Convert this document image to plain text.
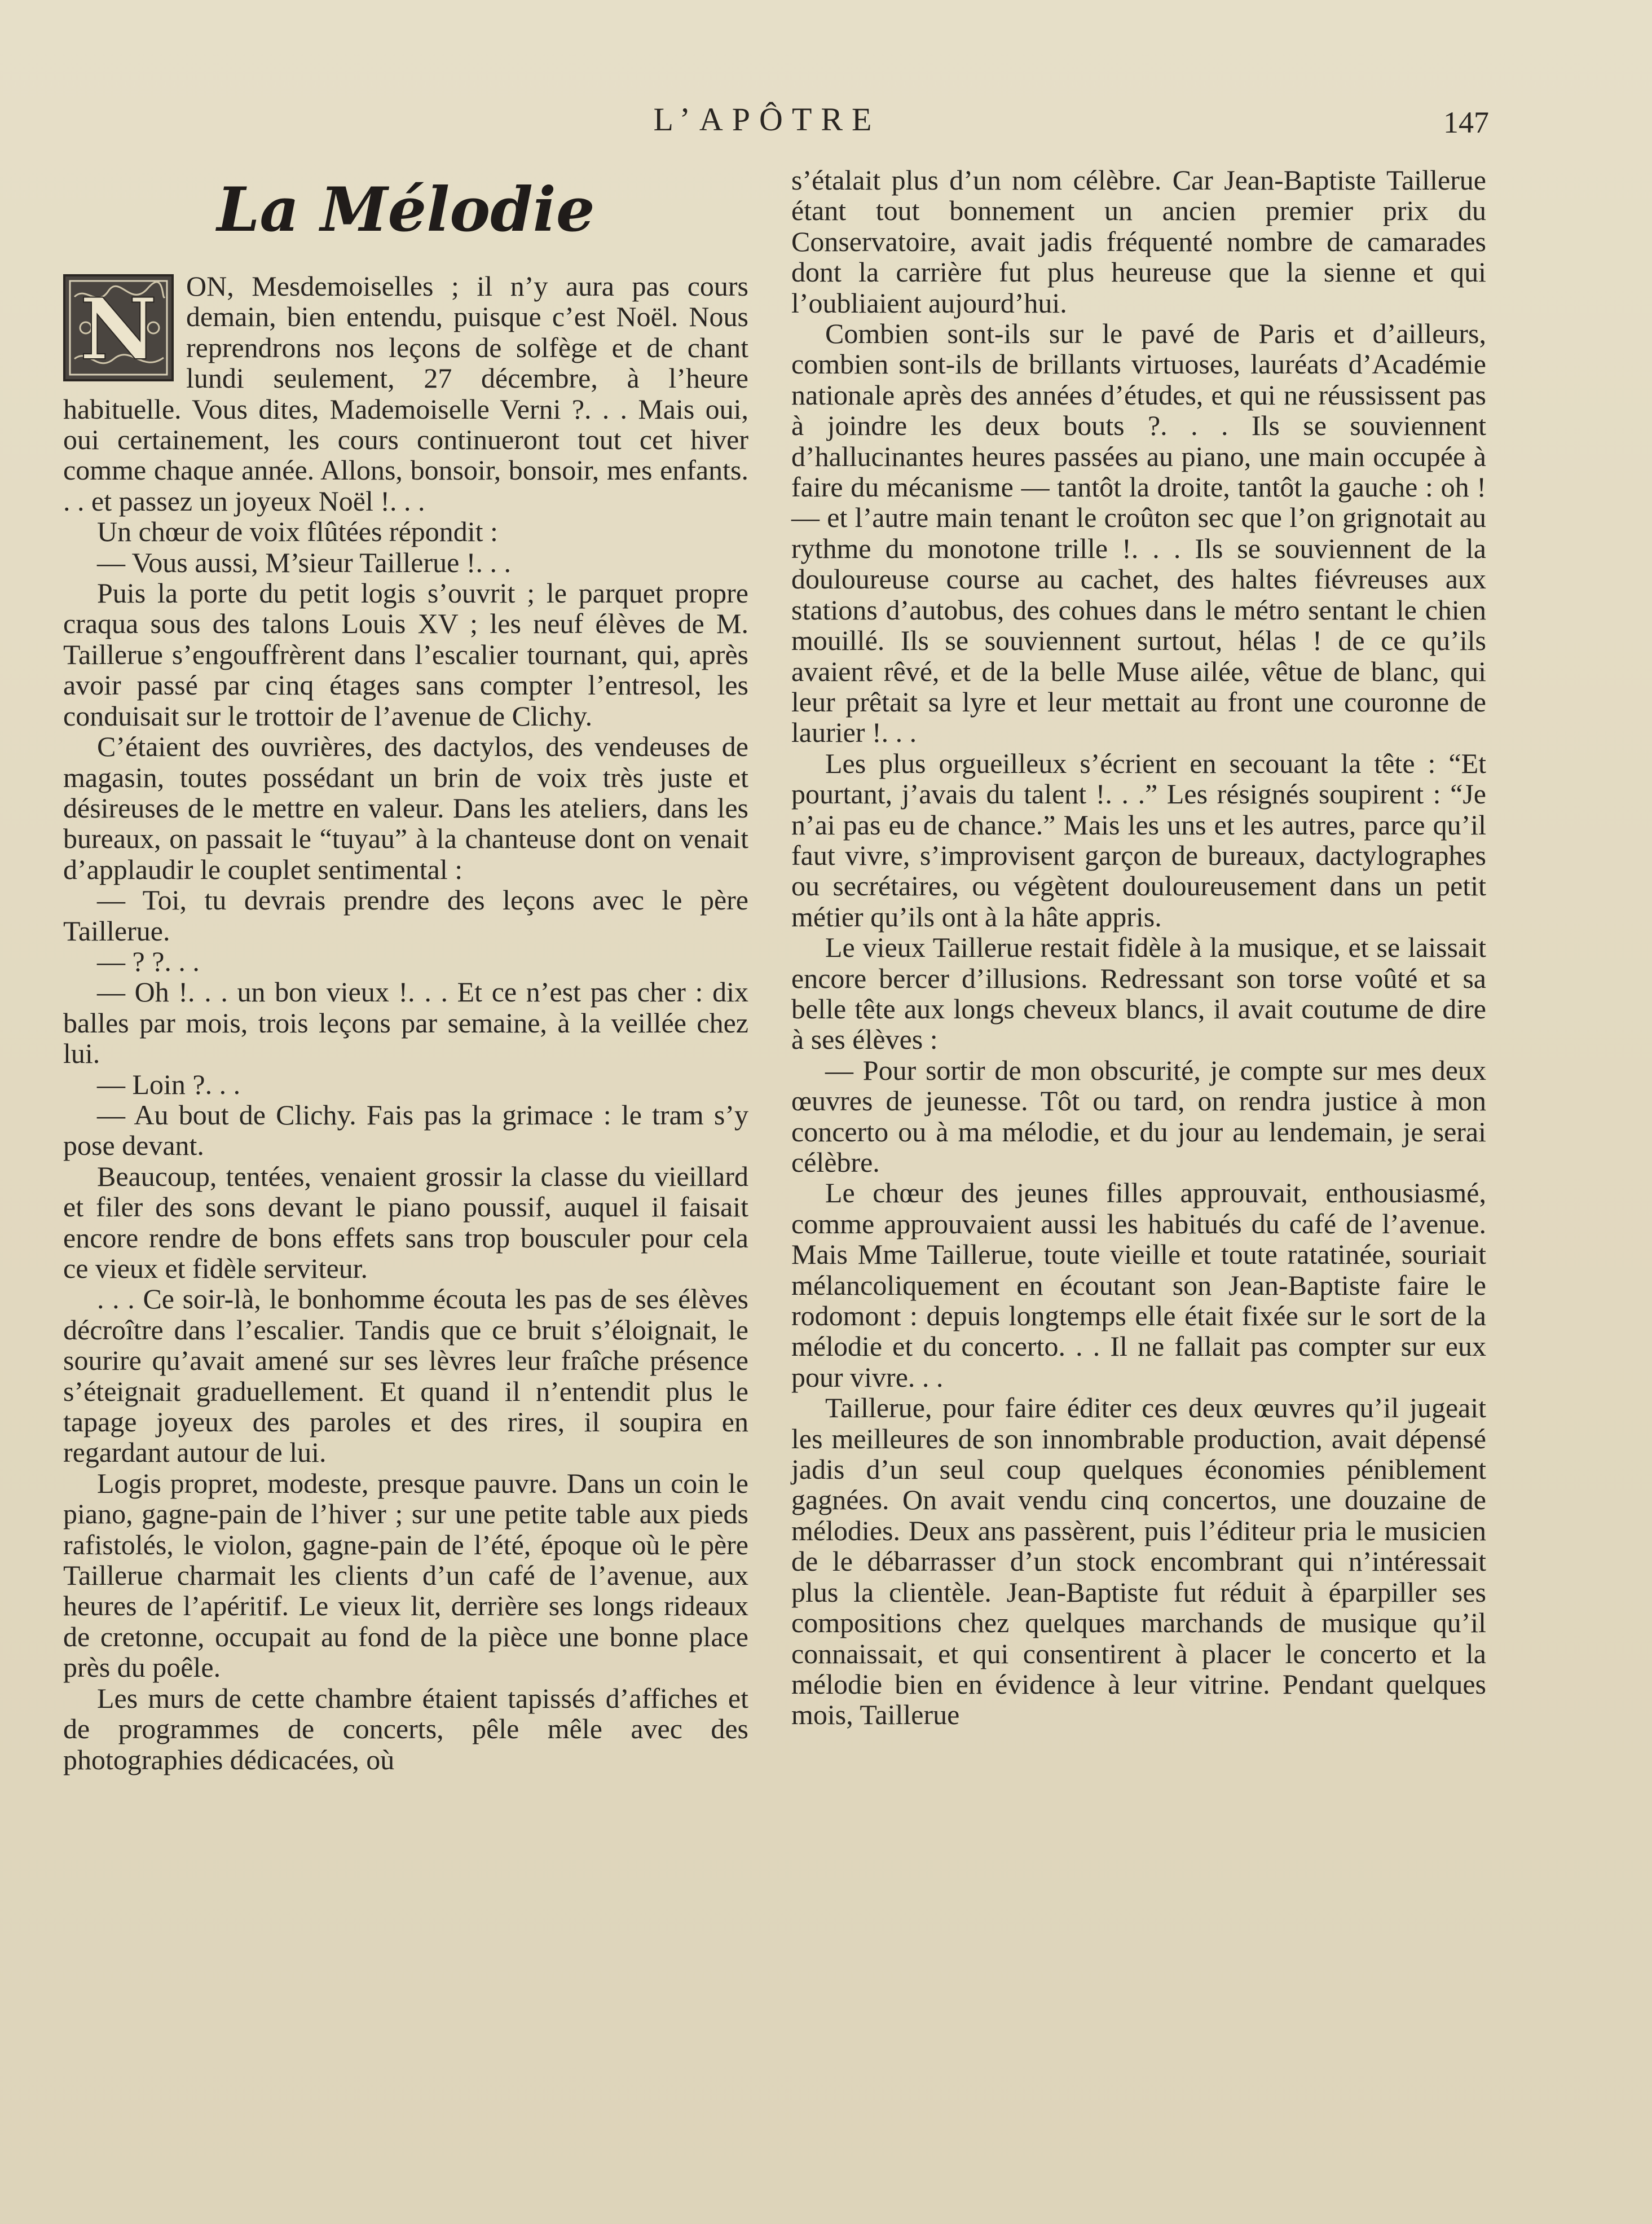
L’APÔTRE	147
La Mélodie

N ON, Mesdemoiselles ; il n’y aura pas cours demain, bien entendu, puisque c’est Noël. Nous reprendrons nos leçons de solfège et de chant lundi seulement, 27 décembre, à l’heure habituelle. Vous dites, Mademoiselle Verni ?. . . Mais oui, oui certainement, les cours continueront tout cet hiver comme chaque année. Allons, bonsoir, bonsoir, mes enfants. . . et passez un joyeux Noël !. . .

Un chœur de voix flûtées répondit :

— Vous aussi, M’sieur Taillerue !. . .

Puis la porte du petit logis s’ouvrit ; le parquet propre craqua sous des talons Louis XV ; les neuf élèves de M. Taillerue s’engouffrèrent dans l’escalier tournant, qui, après avoir passé par cinq étages sans compter l’entresol, les conduisait sur le trottoir de l’avenue de Clichy.

C’étaient des ouvrières, des dactylos, des vendeuses de magasin, toutes possédant un brin de voix très juste et désireuses de le mettre en valeur. Dans les ateliers, dans les bureaux, on passait le “tuyau” à la chanteuse dont on venait d’applaudir le couplet sentimental :

— Toi, tu devrais prendre des leçons avec le père Taillerue.

— ? ?. . .

— Oh !. . . un bon vieux !. . . Et ce n’est pas cher : dix balles par mois, trois leçons par semaine, à la veillée chez lui.

— Loin ?. . .

— Au bout de Clichy. Fais pas la grimace : le tram s’y pose devant.

Beaucoup, tentées, venaient grossir la classe du vieillard et filer des sons devant le piano poussif, auquel il faisait encore rendre de bons effets sans trop bousculer pour cela ce vieux et fidèle serviteur.

. . . Ce soir-là, le bonhomme écouta les pas de ses élèves décroître dans l’escalier. Tandis que ce bruit s’éloignait, le sourire qu’avait amené sur ses lèvres leur fraîche présence s’éteignait graduellement. Et quand il n’entendit plus le tapage joyeux des paroles et des rires, il soupira en regardant autour de lui.

Logis propret, modeste, presque pauvre. Dans un coin le piano, gagne-pain de l’hiver ; sur une petite table aux pieds rafistolés, le violon, gagne-pain de l’été, époque où le père Taillerue charmait les clients d’un café de l’avenue, aux heures de l’apéritif. Le vieux lit, derrière ses longs rideaux de cretonne, occupait au fond de la pièce une bonne place près du poêle.

Les murs de cette chambre étaient tapissés d’affiches et de programmes de concerts, pêle mêle avec des photographies dédicacées, où

s’étalait plus d’un nom célèbre. Car Jean-Baptiste Taillerue étant tout bonnement un ancien premier prix du Conservatoire, avait jadis fréquenté nombre de camarades dont la carrière fut plus heureuse que la sienne et qui l’oubliaient aujourd’hui.

Combien sont-ils sur le pavé de Paris et d’ailleurs, combien sont-ils de brillants virtuoses, lauréats d’Académie nationale après des années d’études, et qui ne réussissent pas à joindre les deux bouts ?. . . Ils se souviennent d’hallucinantes heures passées au piano, une main occupée à faire du mécanisme — tantôt la droite, tantôt la gauche : oh ! — et l’autre main tenant le croûton sec que l’on grignotait au rythme du monotone trille !. . . Ils se souviennent de la douloureuse course au cachet, des haltes fiévreuses aux stations d’autobus, des cohues dans le métro sentant le chien mouillé. Ils se souviennent surtout, hélas ! de ce qu’ils avaient rêvé, et de la belle Muse ailée, vêtue de blanc, qui leur prêtait sa lyre et leur mettait au front une couronne de laurier !. . .

Les plus orgueilleux s’écrient en secouant la tête : “Et pourtant, j’avais du talent !. . .” Les résignés soupirent : “Je n’ai pas eu de chance.” Mais les uns et les autres, parce qu’il faut vivre, s’improvisent garçon de bureaux, dactylographes ou secrétaires, ou végètent douloureusement dans un petit métier qu’ils ont à la hâte appris.

Le vieux Taillerue restait fidèle à la musique, et se laissait encore bercer d’illusions. Redressant son torse voûté et sa belle tête aux longs cheveux blancs, il avait coutume de dire à ses élèves :

— Pour sortir de mon obscurité, je compte sur mes deux œuvres de jeunesse. Tôt ou tard, on rendra justice à mon concerto ou à ma mélodie, et du jour au lendemain, je serai célèbre.

Le chœur des jeunes filles approuvait, enthousiasmé, comme approuvaient aussi les habitués du café de l’avenue. Mais Mme Taillerue, toute vieille et toute ratatinée, souriait mélancoliquement en écoutant son Jean-Baptiste faire le rodomont : depuis longtemps elle était fixée sur le sort de la mélodie et du concerto. . . Il ne fallait pas compter sur eux pour vivre. . .

Taillerue, pour faire éditer ces deux œuvres qu’il jugeait les meilleures de son innombrable production, avait dépensé jadis d’un seul coup quelques économies péniblement gagnées. On avait vendu cinq concertos, une douzaine de mélodies. Deux ans passèrent, puis l’éditeur pria le musicien de le débarrasser d’un stock encombrant qui n’intéressait plus la clientèle. Jean-Baptiste fut réduit à éparpiller ses compositions chez quelques marchands de musique qu’il connaissait, et qui consentirent à placer le concerto et la mélodie bien en évidence à leur vitrine. Pendant quelques mois, Taillerue
